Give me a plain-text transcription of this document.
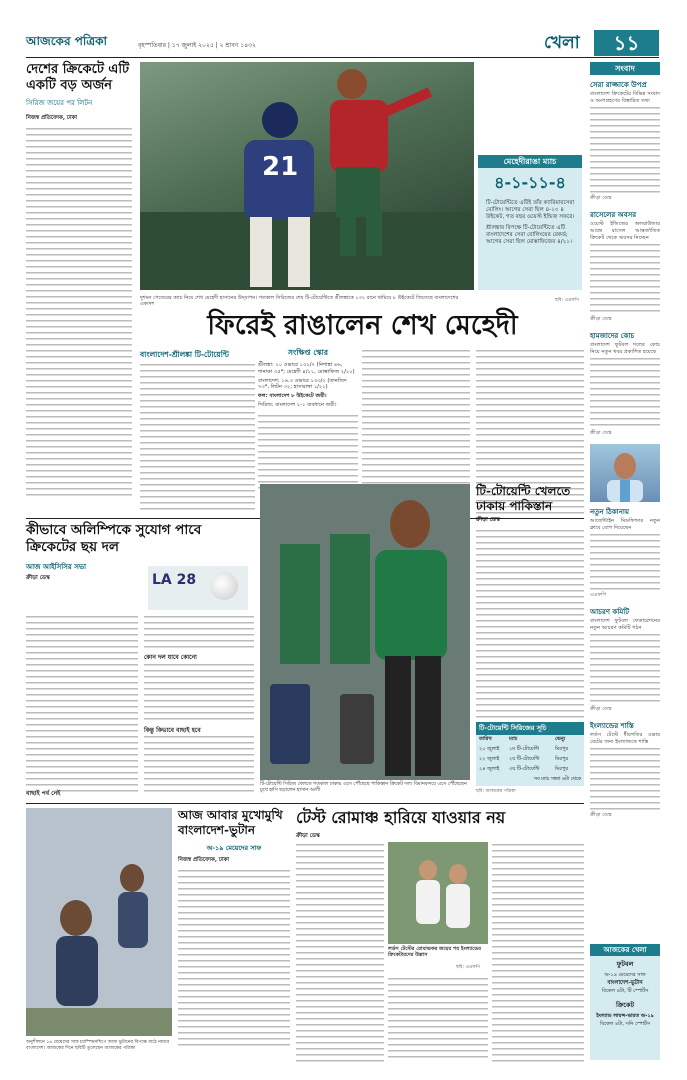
আজকের পত্রিকা	বৃহস্পতিবার | ১৭ জুলাই ২০২৫ | ২ শ্রাবণ ১৪৩২	খেলা	১১
দেশের ক্রিকেটে এটি একটি বড় অর্জন
সিরিজ জয়ের পর লিটন
নিজস্ব প্রতিবেদক, ঢাকা
21
দুশমন পেতেরের ক্যাচ নিয়ে শেখ মেহেদী হাসানের উদ্‌যাপন। গতকাল সিরিজের শেষ টি-টোয়েন্টিতে শ্রীলঙ্কাকে ১৩২ রানে থামিয়ে ৮ উইকেটে জিতেছে বাংলাদেশের একাদশ
মেহেদীরাঙা ম্যাচ
৪-১-১১-৪
টি-টোয়েন্টিতে এটিই তাঁর ক্যারিয়ারসেরা বোলিং। আগের সেরা ছিল ৪-১০ ৪ উইকেট, গত বছর ওয়েস্ট ইন্ডিজ সফরে।
শ্রীলঙ্কার বিপক্ষে টি-টোয়েন্টিতে এটি বাংলাদেশের সেরা বোলিংয়ের রেকর্ড; আগের সেরা ছিল মোস্তাফিজের ৪/২১।
ছবি: এএফপি
ফিরেই রাঙালেন শেখ মেহেদী
বাংলাদেশ-শ্রীলঙ্কা টি-টোয়েন্টি	সংক্ষিপ্ত স্কোর
শ্রীলঙ্কা: ২০ ওভারে ১৩২/৭ (নিশাঙ্কা ৪৬, শানাকা ৩৫*; মেহেদী ৪/১১, মোস্তাফিজ ২/২০)
বাংলাদেশ: ১৬.৩ ওভারে ১৩৩/২ (তানজিদ ৭৩*, লিটন ৩২; হাসারাঙ্গা ১/২১)
ফল: বাংলাদেশ ৮ উইকেটে জয়ী।
সিরিজ: বাংলাদেশ ২-১ ব্যবধানে জয়ী।
সংবাদ
সেরা রাজ্জাকে উপপ্র
বাংলাদেশ ক্রিকেটের বিভিন্ন সংবাদ ও অংশগ্রহণের বিস্তারিত তথ্য
ক্রীড়া ডেস্ক
রাসেলের অবসর
ওয়েস্ট ইন্ডিজের অলরাউন্ডার আন্দ্রে রাসেল আন্তর্জাতিক ক্রিকেট থেকে অবসর নিচ্ছেন
ক্রীড়া ডেস্ক
হামজাদের কোচ
বাংলাদেশ ফুটবল দলের কোচ নিয়ে নতুন খবর প্রকাশিত হয়েছে
ক্রীড়া ডেস্ক
নতুন ঠিকানায়
আর্জেন্টাইন মিডফিল্ডার নতুন ক্লাবে যোগ দিয়েছেন
এএফপি
আচরণ কমিটি
বাংলাদেশ ফুটবল ফেডারেশনের নতুন আচরণ কমিটি গঠন
ক্রীড়া ডেস্ক
ইংল্যান্ডের শাস্তি
লর্ডস টেস্টে ধীরগতির ওভার রেটের জন্য ইংল্যান্ডকে শাস্তি
ক্রীড়া ডেস্ক
কীভাবে অলিম্পিকে সুযোগ পাবে ক্রিকেটের ছয় দল
আজ আইসিসির সভা
ক্রীড়া ডেস্ক	LA 28
কোন দল যাবে কোনো
কিন্তু কিভাবে বাছাই হবে
বাছাই পর্ব নেই
টি-টোয়েন্টি সিরিজ খেলতে গতকাল ঢাকায় এসে পৌঁছেছে পাকিস্তান ক্রিকেট দল। বিমানবন্দরে এসে পৌঁছেছেন মুখে হাসি ছড়ালেন হাসান আলী
টি-টোয়েন্টি খেলতে ঢাকায় পাকিস্তান
ক্রীড়া ডেস্ক
টি-টোয়েন্টি সিরিজের সূচি
তারিখ	ম্যাচ	ভেন্যু
২০ জুলাই	১ম টি-টোয়েন্টি	মিরপুর
২২ জুলাই	২য় টি-টোয়েন্টি	মিরপুর
২৪ জুলাই	৩য় টি-টোয়েন্টি	মিরপুর
সব ম্যাচ সন্ধ্যা ৬টা থেকে
ছবি: আজকের পত্রিকা
অনুশীলনে ১৬ মেয়েদের সাফ চ্যাম্পিয়নশিপে আজ ভুটানের বিপক্ষে মাঠে নামবে বাংলাদেশ। আজকের দিনে ছবিটি তুলেছেন আজকের পত্রিকা
আজ আবার মুখোমুখি বাংলাদেশ-ভুটান
অ-১৯ মেয়েদের সাফ
নিজস্ব প্রতিবেদক, ঢাকা
টেস্ট রোমাঞ্চ হারিয়ে যাওয়ার নয়
ক্রীড়া ডেস্ক
লর্ডস টেস্টের রোমাঞ্চকর জয়ের পর ইংল্যান্ডের ক্রিকেটারদের উল্লাস
ছবি: এএফপি
আজকের খেলা
ফুটবল
অ-১৯ মেয়েদের সাফ
বাংলাদেশ-ভুটান
বিকেল ৪টা, টি স্পোর্টস
ক্রিকেট
ইংল্যান্ড লায়ন্স-ভারত অ-১৯
বিকেল ৪টা, সনি স্পোর্টস
